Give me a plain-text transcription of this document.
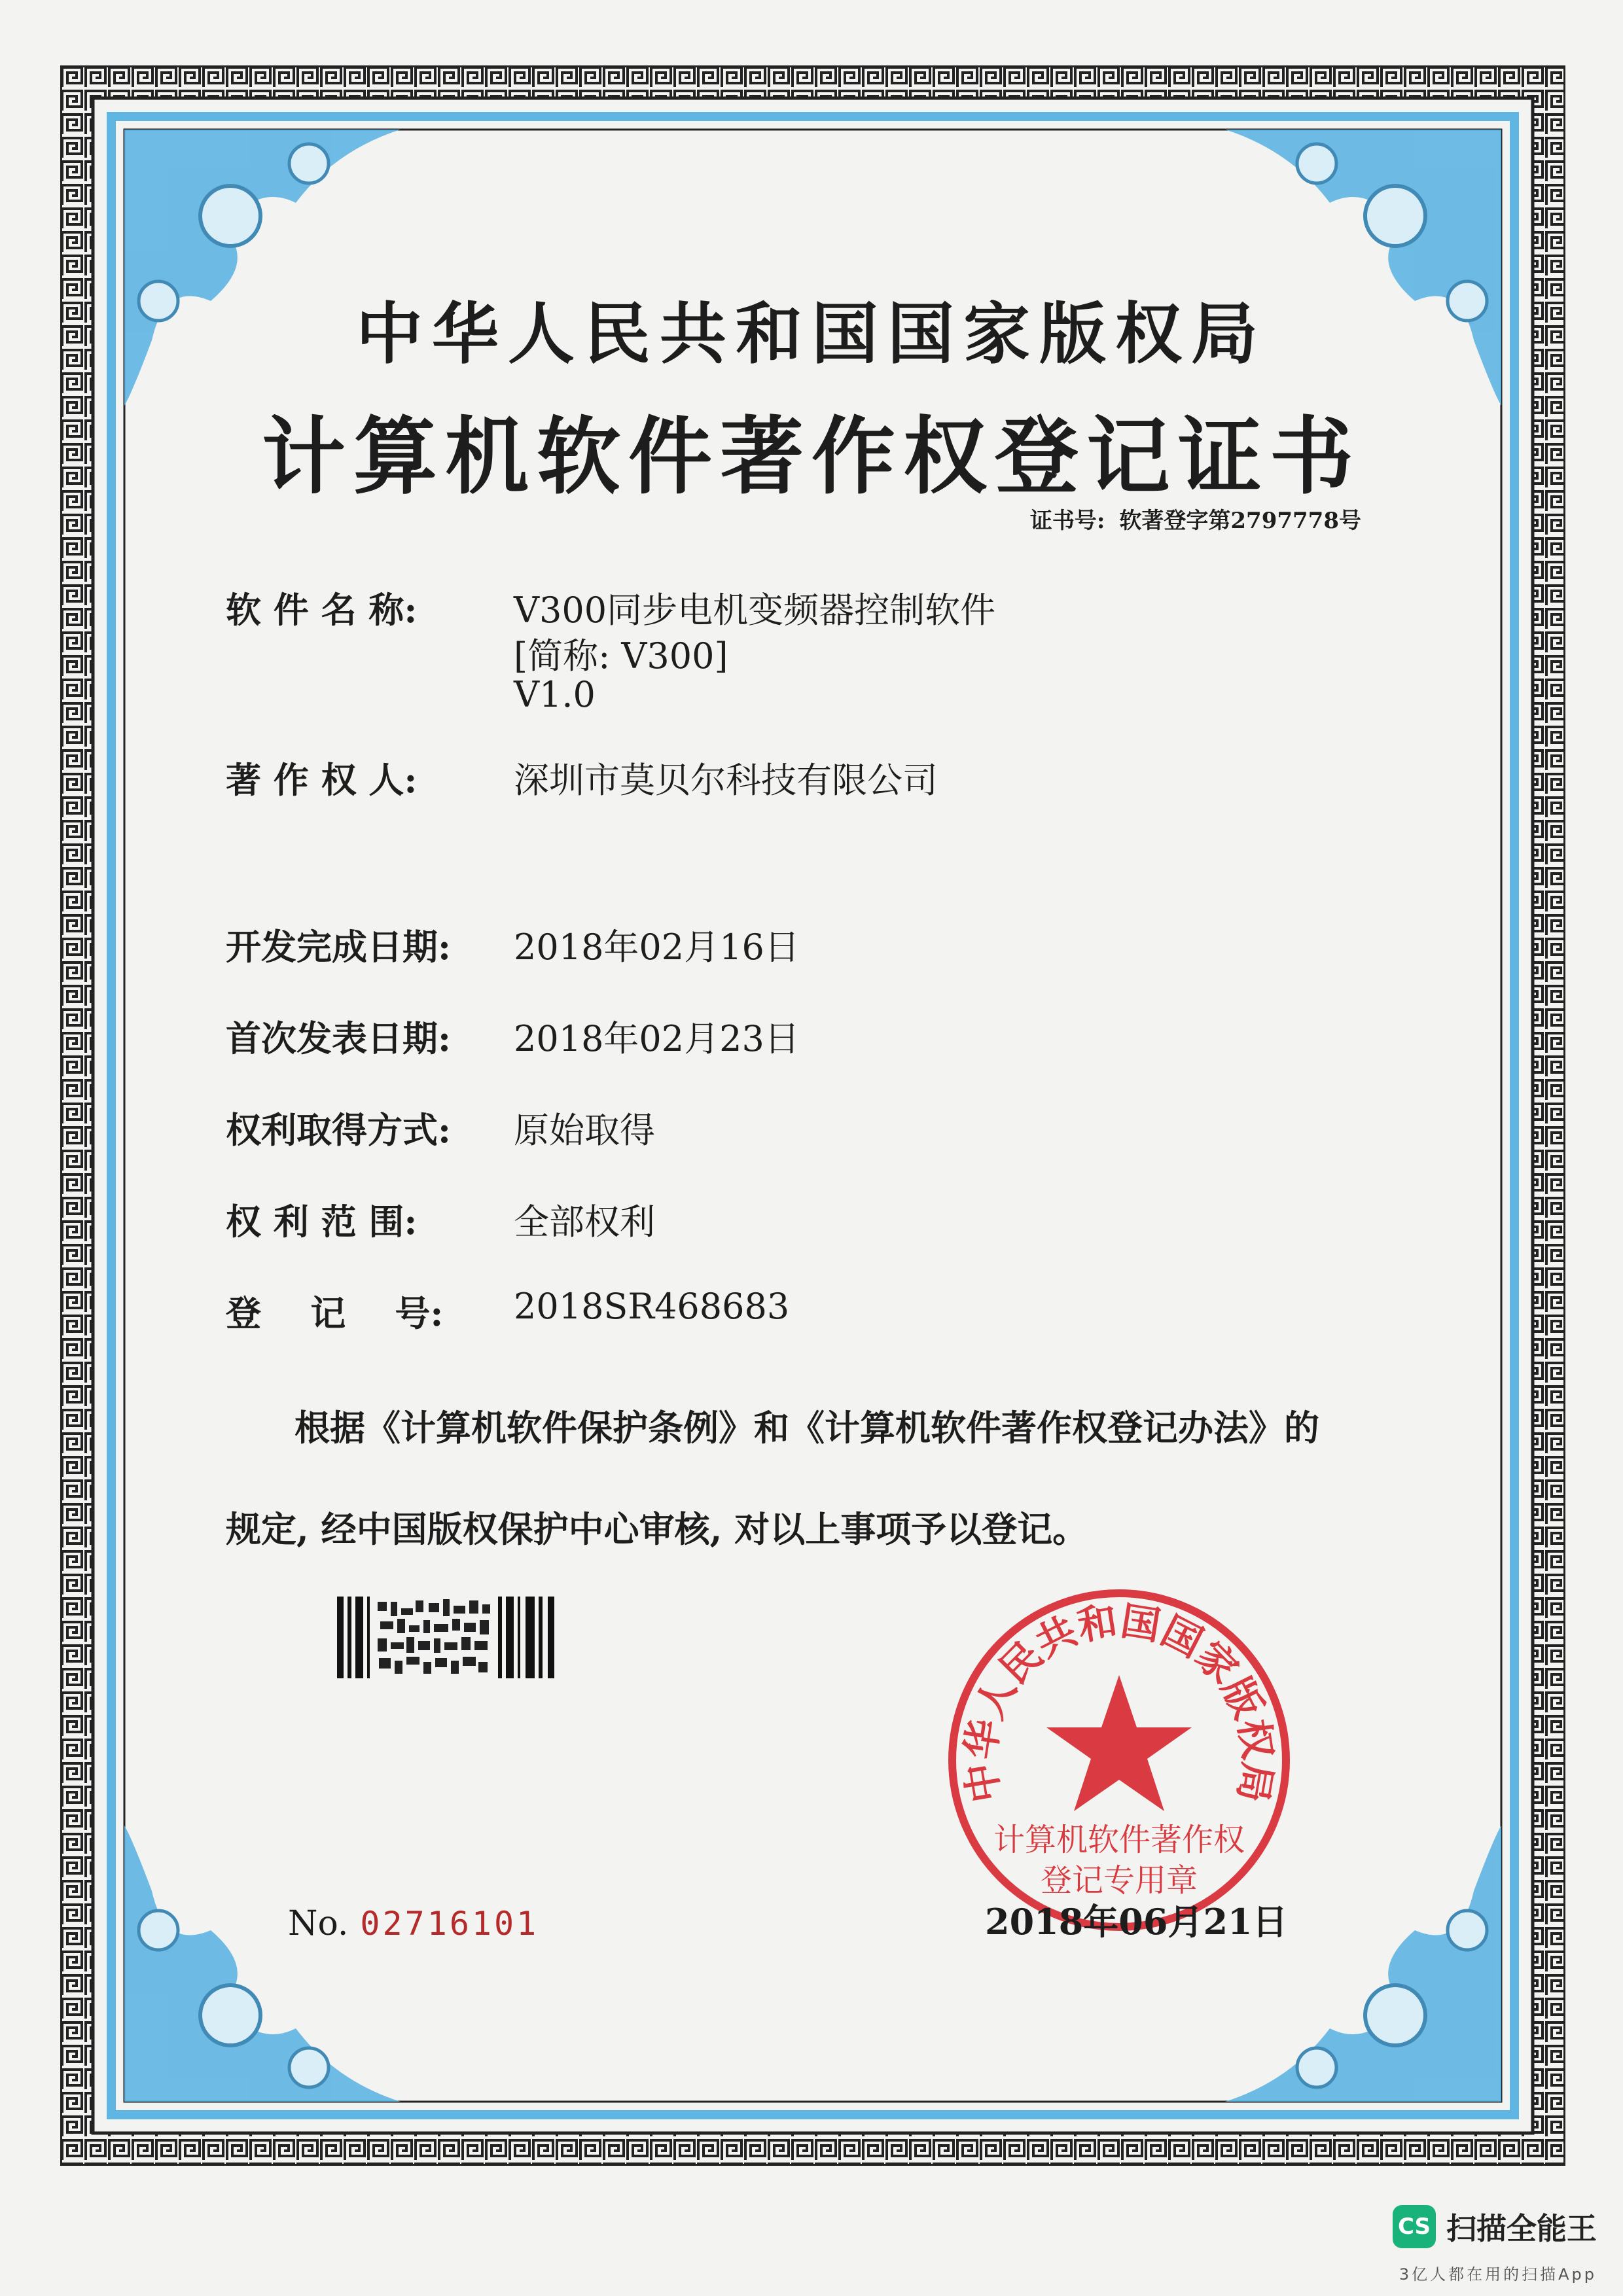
中华人民共和国国家版权局
计算机软件著作权登记证书
证书号: 软著登字第2797778号
软 件 名 称:	V300同步电机变频器控制软件
[简称: V300]
V1.0
著 作 权 人:	深圳市莫贝尔科技有限公司
开发完成日期: 2018年02月16日
首次发表日期: 2018年02月23日
权利取得方式: 原始取得
权 利 范 围:	全部权利
登    记    号: 2018SR468683
根据《计算机软件保护条例》和《计算机软件著作权登记办法》的
规定, 经中国版权保护中心审核, 对以上事项予以登记。
No. 02716101
中华人民共和国国家版权局
计算机软件著作权
登记专用章
2018年06月21日
CS 扫描全能王
3亿人都在用的扫描App
